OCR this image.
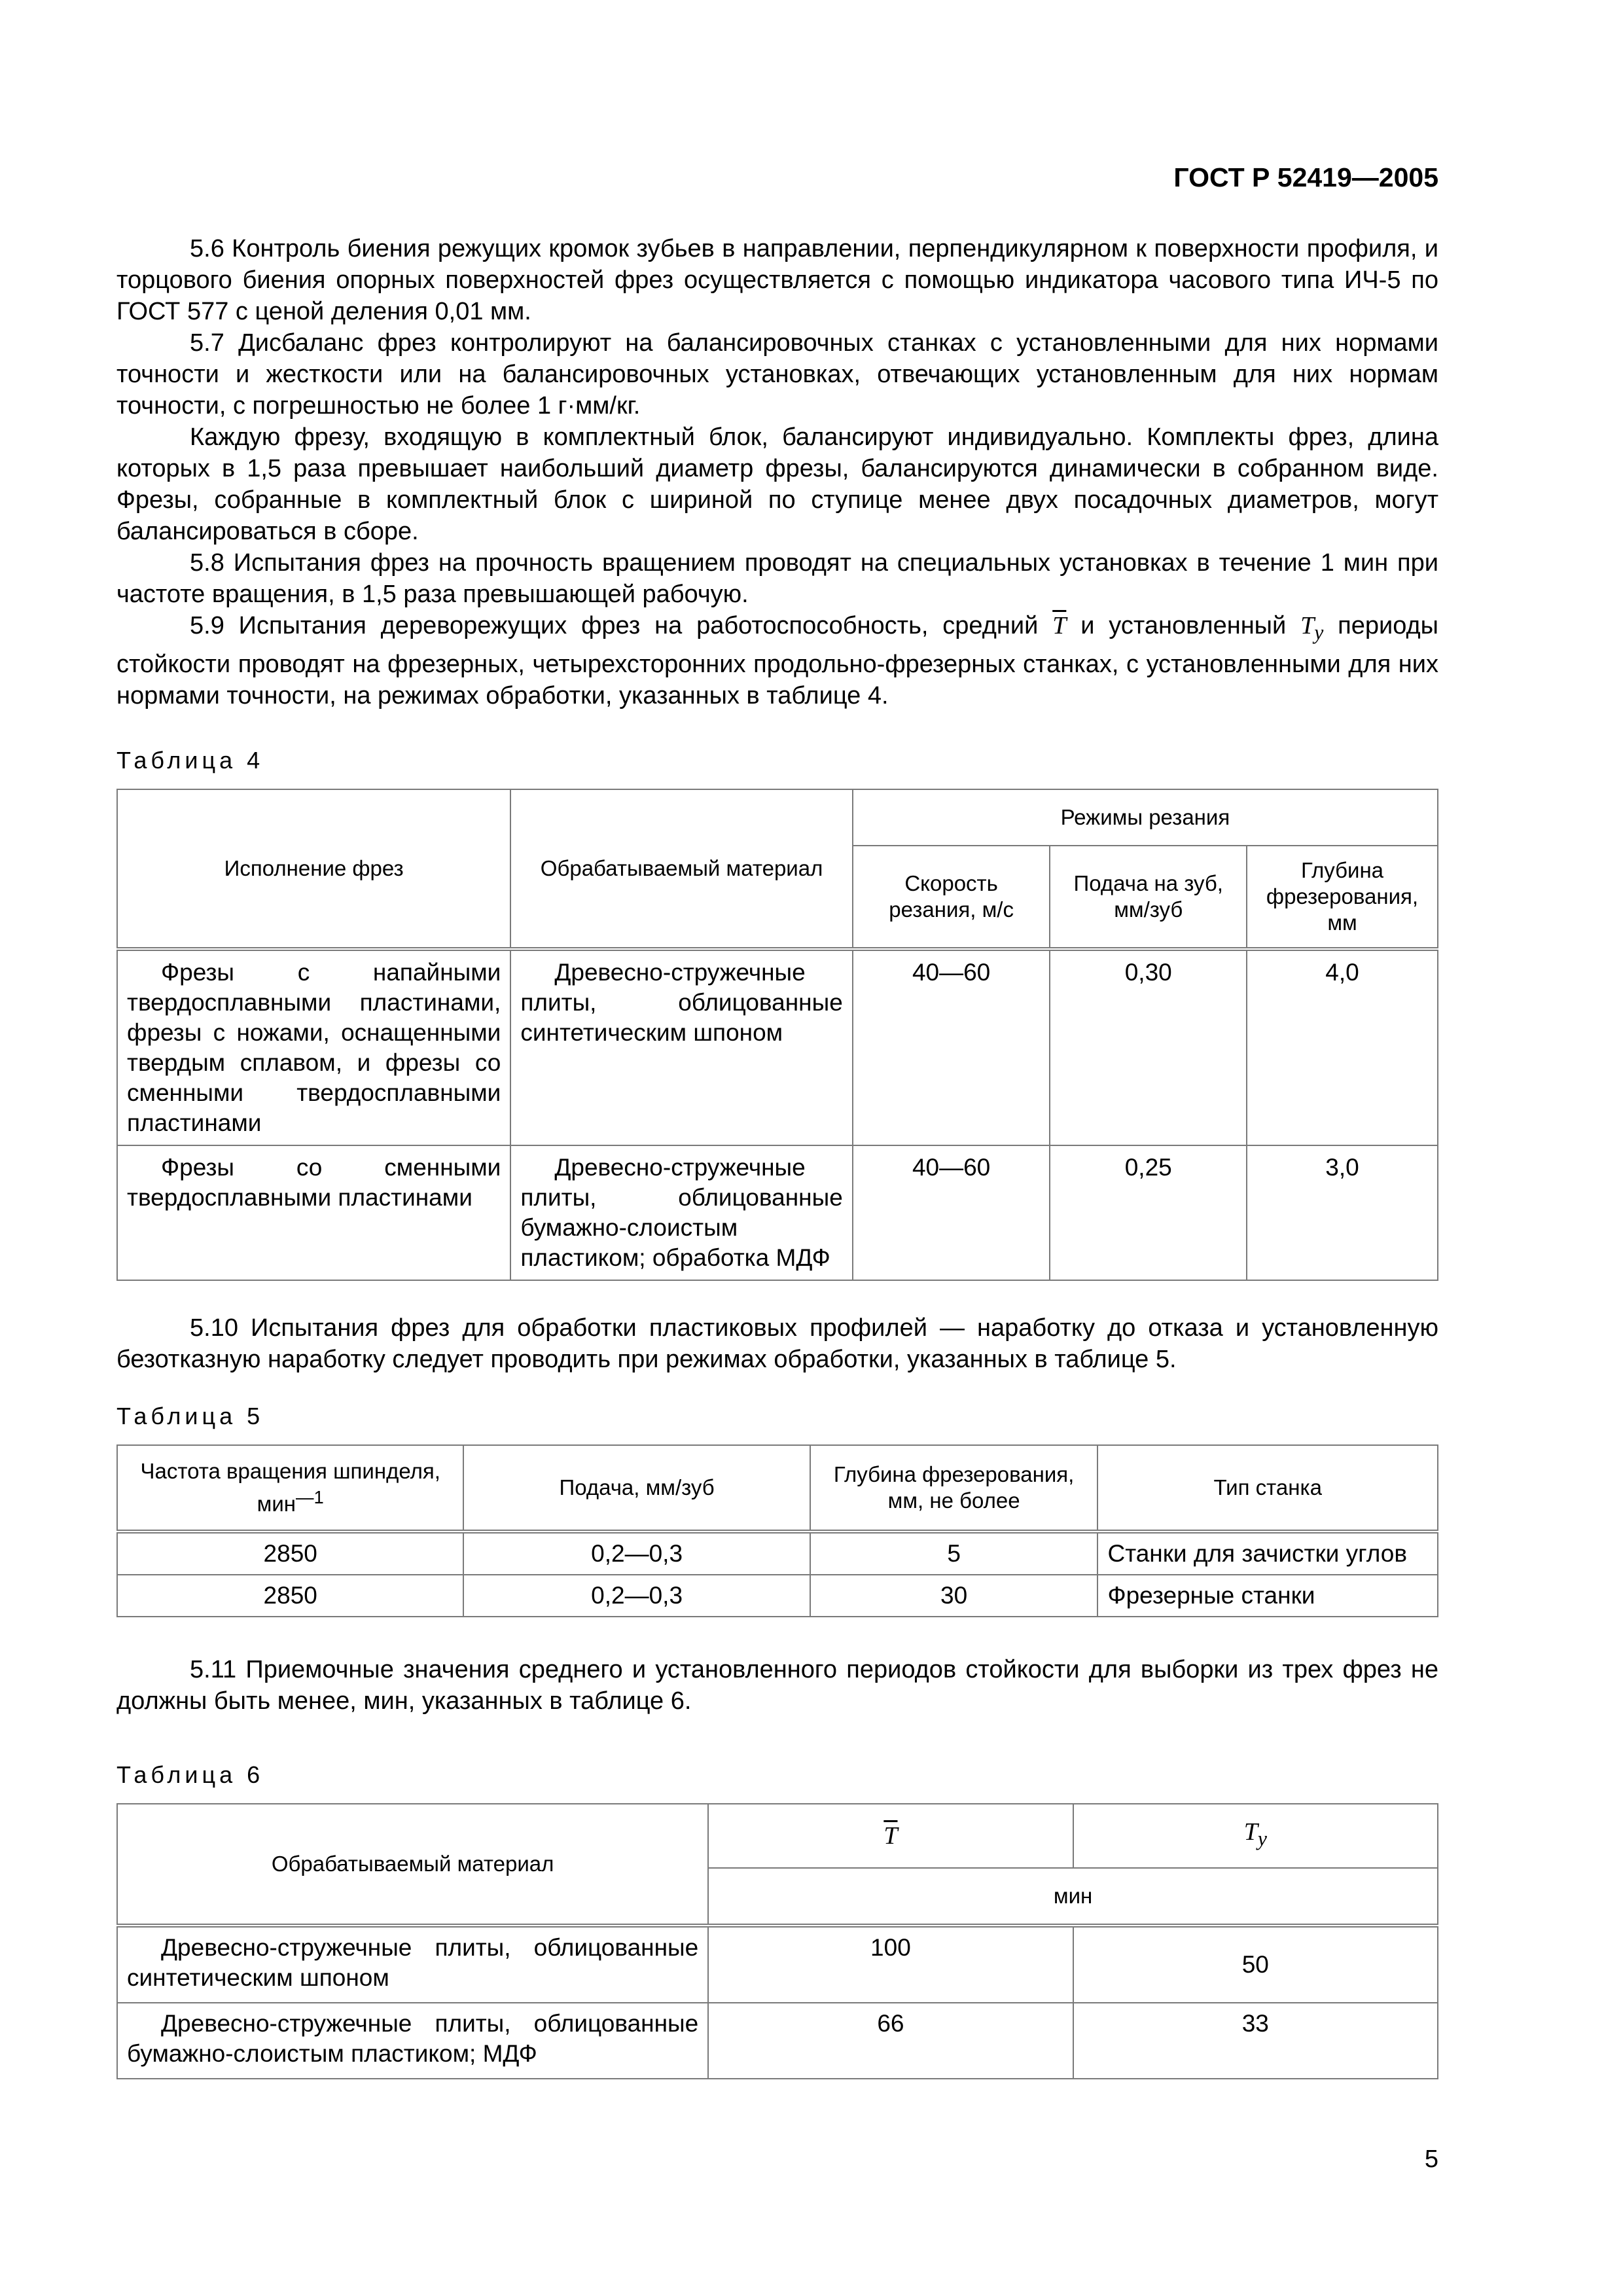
ГОСТ Р 52419—2005

5.6 Контроль биения режущих кромок зубьев в направлении, перпендикулярном к поверхности профиля, и торцового биения опорных поверхностей фрез осуществляется с помощью индикатора часового типа ИЧ-5 по ГОСТ 577 с ценой деления 0,01 мм.

5.7 Дисбаланс фрез контролируют на балансировочных станках с установленными для них нормами точности и жесткости или на балансировочных установках, отвечающих установленным для них нормам точности, с погрешностью не более 1 г·мм/кг.

Каждую фрезу, входящую в комплектный блок, балансируют индивидуально. Комплекты фрез, длина которых в 1,5 раза превышает наибольший диаметр фрезы, балансируются динамически в собранном виде. Фрезы, собранные в комплектный блок с шириной по ступице менее двух посадочных диаметров, могут балансироваться в сборе.

5.8 Испытания фрез на прочность вращением проводят на специальных установках в течение 1 мин при частоте вращения, в 1,5 раза превышающей рабочую.

5.9 Испытания дереворежущих фрез на работоспособность, средний $\overline{T}$ и установленный $T_y$ периоды стойкости проводят на фрезерных, четырехсторонних продольно-фрезерных станках, с установленными для них нормами точности, на режимах обработки, указанных в таблице 4.

Таблица 4

Исполнение фрез	Обрабатываемый материал	Режимы резания		
		Скорость резания, м/с	Подача на зуб, мм/зуб	Глубина фрезерования, мм
Фрезы с напайными твердосплавными пластинами, фрезы с ножами, оснащенными твердым сплавом, и фрезы со сменными твердосплавными пластинами	Древесно-стружечные плиты, облицованные синтетическим шпоном	40—60	0,30	4,0
Фрезы со сменными твердосплавными пластинами	Древесно-стружечные плиты, облицованные бумажно-слоистым пластиком; обработка МДФ	40—60	0,25	3,0

5.10 Испытания фрез для обработки пластиковых профилей — наработку до отказа и установленную безотказную наработку следует проводить при режимах обработки, указанных в таблице 5.

Таблица 5

Частота вращения шпинделя, мин$^{—1}$	Подача, мм/зуб	Глубина фрезерования, мм, не более	Тип станка
2850	0,2—0,3	5	Станки для зачистки углов
2850	0,2—0,3	30	Фрезерные станки

5.11 Приемочные значения среднего и установленного периодов стойкости для выборки из трех фрез не должны быть менее, мин, указанных в таблице 6.

Таблица 6

Обрабатываемый материал	$\overline{T}$	$T_y$
	мин	
Древесно-стружечные плиты, облицованные синтетическим шпоном	100	50
Древесно-стружечные плиты, облицованные бумажно-слоистым пластиком; МДФ	66	33
5
